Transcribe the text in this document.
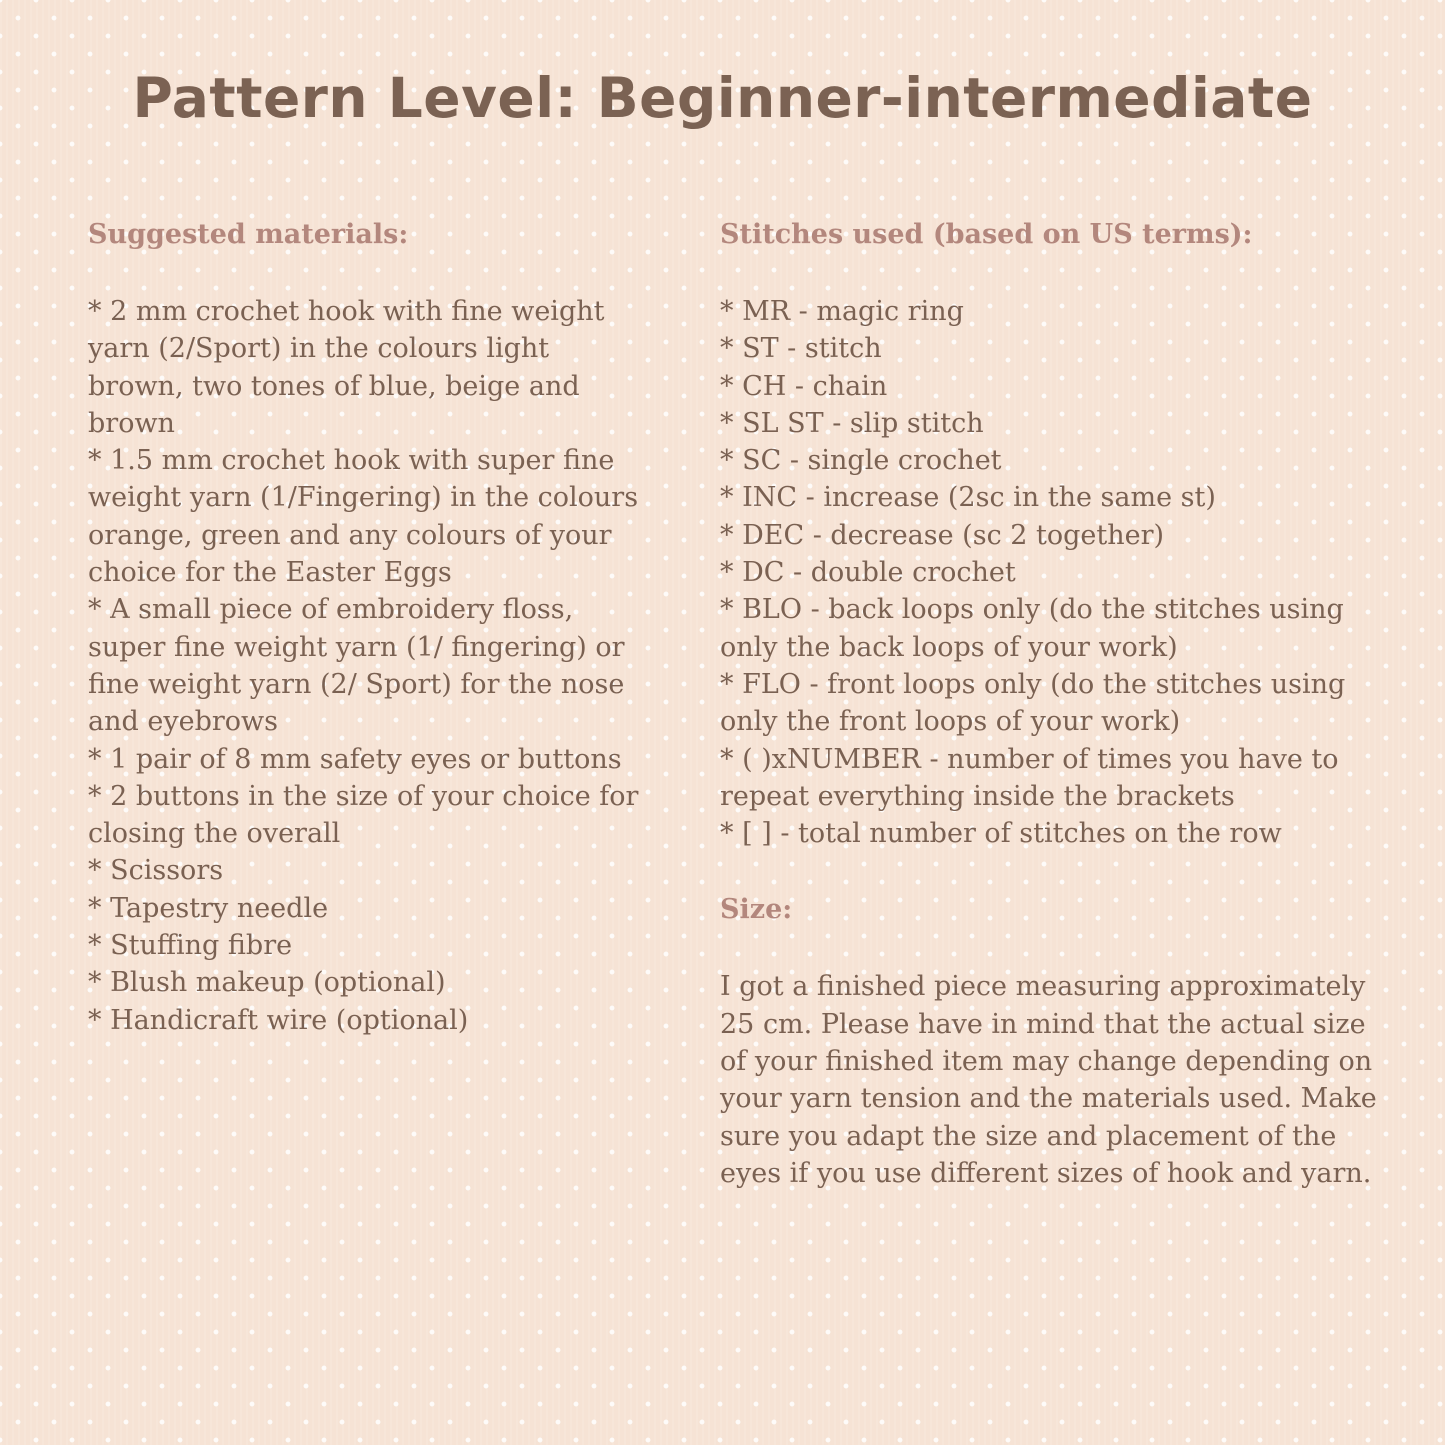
Pattern Level: Beginner-intermediate
Suggested materials:
* 2 mm crochet hook with fine weight yarn (2/Sport) in the colours light brown, two tones of blue, beige and brown
* 1.5 mm crochet hook with super fine weight yarn (1/Fingering) in the colours orange, green and any colours of your choice for the Easter Eggs
* A small piece of embroidery floss, super fine weight yarn (1/ fingering) or fine weight yarn (2/ Sport) for the nose and eyebrows
* 1 pair of 8 mm safety eyes or buttons
* 2 buttons in the size of your choice for closing the overall
* Scissors
* Tapestry needle
* Stuffing fibre
* Blush makeup (optional)
* Handicraft wire (optional)
Stitches used (based on US terms):
* MR - magic ring
* ST - stitch
* CH - chain
* SL ST - slip stitch
* SC - single crochet
* INC - increase (2sc in the same st)
* DEC - decrease (sc 2 together)
* DC - double crochet
* BLO - back loops only (do the stitches using only the back loops of your work)
* FLO - front loops only (do the stitches using only the front loops of your work)
* ( )xNUMBER - number of times you have to repeat everything inside the brackets
* [ ] - total number of stitches on the row
Size:

I got a finished piece measuring approximately 25 cm. Please have in mind that the actual size of your finished item may change depending on your yarn tension and the materials used. Make sure you adapt the size and placement of the eyes if you use different sizes of hook and yarn.
